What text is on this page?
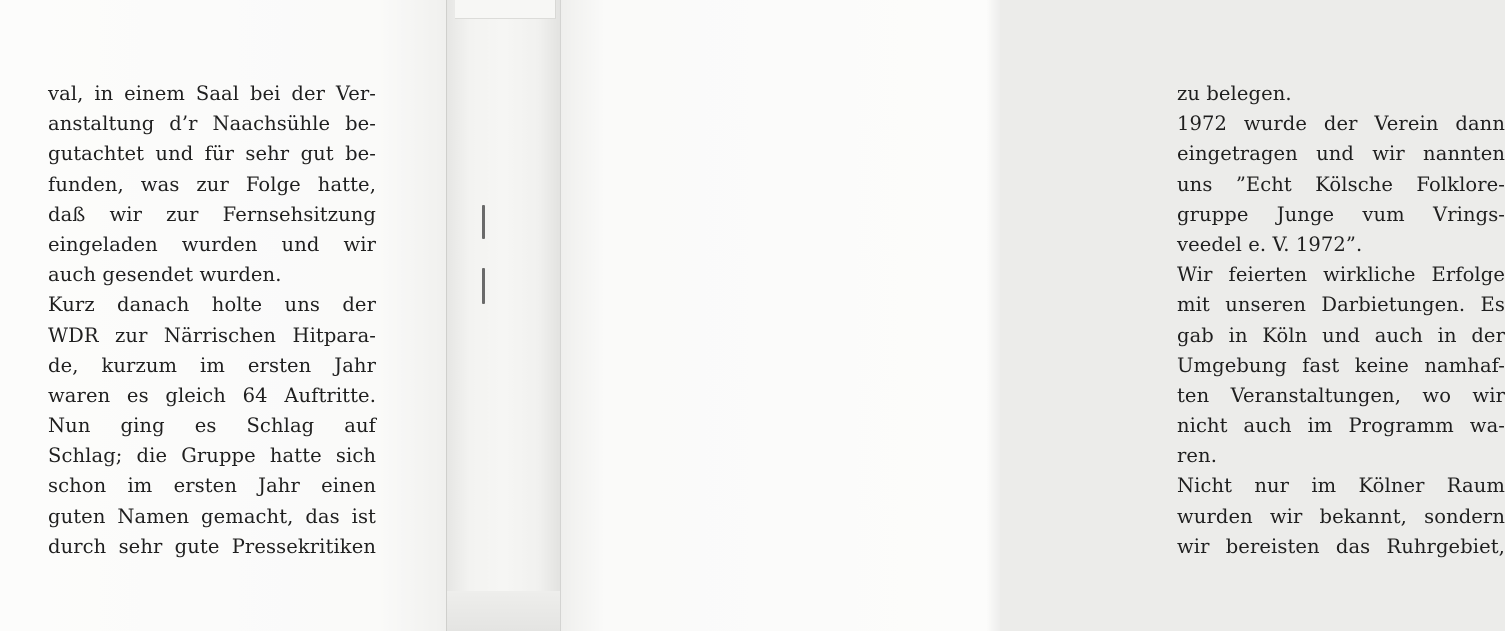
val, in einem Saal bei der Ver-
anstaltung d’r Naachsühle be-
gutachtet und für sehr gut be-
funden, was zur Folge hatte,
daß wir zur Fernsehsitzung
eingeladen wurden und wir
auch gesendet wurden.
Kurz danach holte uns der
WDR zur Närrischen Hitpara-
de, kurzum im ersten Jahr
waren es gleich 64 Auftritte.
Nun ging es Schlag auf
Schlag; die Gruppe hatte sich
schon im ersten Jahr einen
guten Namen gemacht, das ist
durch sehr gute Pressekritiken
zu belegen.
1972 wurde der Verein dann
eingetragen und wir nannten
uns ”Echt Kölsche Folklore-
gruppe Junge vum Vrings-
veedel e. V. 1972”.
Wir feierten wirkliche Erfolge
mit unseren Darbietungen. Es
gab in Köln und auch in der
Umgebung fast keine namhaf-
ten Veranstaltungen, wo wir
nicht auch im Programm wa-
ren.
Nicht nur im Kölner Raum
wurden wir bekannt, sondern
wir bereisten das Ruhrgebiet,
